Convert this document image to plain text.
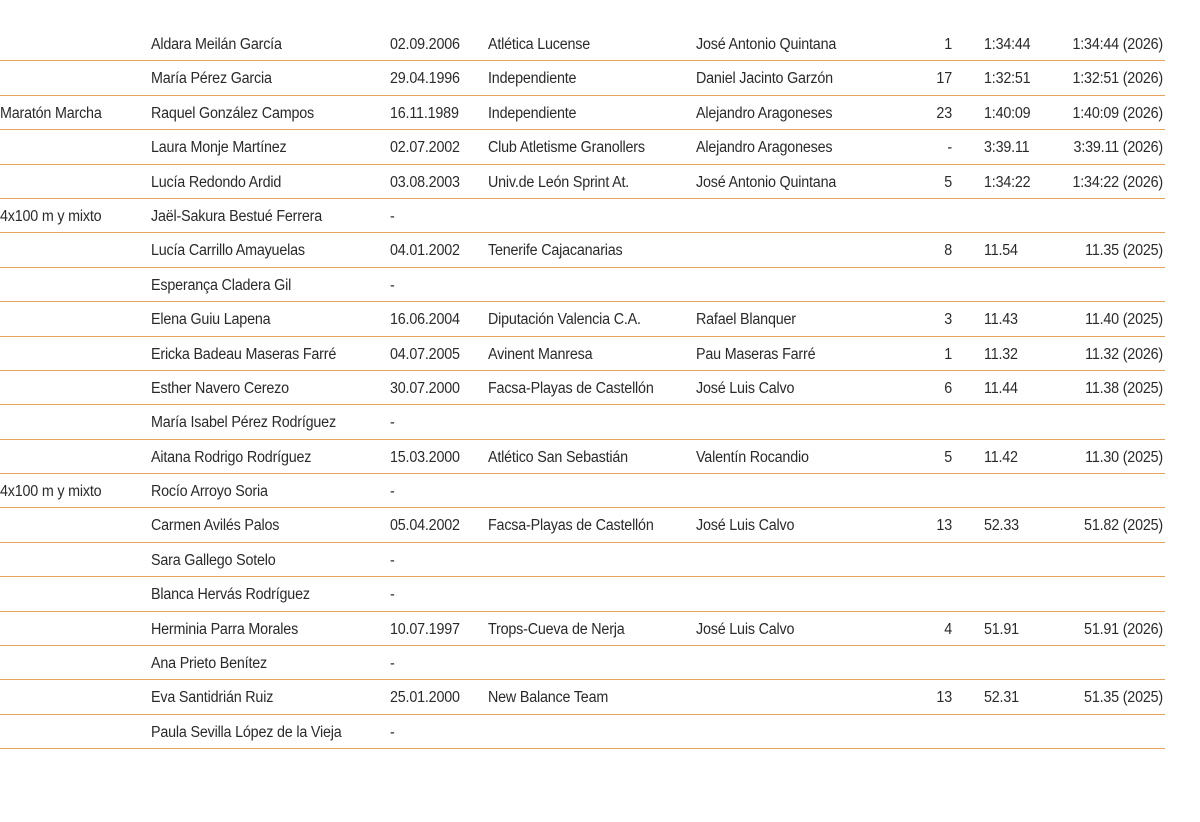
Aldara Meilán García	02.09.2006 Atlética Lucense	José Antonio Quintana	1 1:34:44	1:34:44 (2026)
María Pérez Garcia	29.04.1996 Independiente	Daniel Jacinto Garzón	17 1:32:51	1:32:51 (2026)
Maratón Marcha	Raquel González Campos	16.11.1989 Independiente	Alejandro Aragoneses	23 1:40:09	1:40:09 (2026)
Laura Monje Martínez	02.07.2002 Club Atletisme Granollers	Alejandro Aragoneses	- 3:39.11	3:39.11 (2026)
Lucía Redondo Ardid	03.08.2003 Univ.de León Sprint At.	José Antonio Quintana	5 1:34:22	1:34:22 (2026)
4x100 m y mixto	Jaël-Sakura Bestué Ferrera	-
Lucía Carrillo Amayuelas	04.01.2002 Tenerife Cajacanarias	8 11.54	11.35 (2025)
Esperança Cladera Gil	-
Elena Guiu Lapena	16.06.2004 Diputación Valencia C.A.	Rafael Blanquer	3 11.43	11.40 (2025)
Ericka Badeau Maseras Farré	04.07.2005 Avinent Manresa	Pau Maseras Farré	1 11.32	11.32 (2026)
Esther Navero Cerezo	30.07.2000 Facsa-Playas de Castellón	José Luis Calvo	6 11.44	11.38 (2025)
María Isabel Pérez Rodríguez	-
Aitana Rodrigo Rodríguez	15.03.2000 Atlético San Sebastián	Valentín Rocandio	5 11.42	11.30 (2025)
4x100 m y mixto	Rocío Arroyo Soria	-
Carmen Avilés Palos	05.04.2002 Facsa-Playas de Castellón	José Luis Calvo	13 52.33	51.82 (2025)
Sara Gallego Sotelo	-
Blanca Hervás Rodríguez	-
Herminia Parra Morales	10.07.1997 Trops-Cueva de Nerja	José Luis Calvo	4 51.91	51.91 (2026)
Ana Prieto Benítez	-
Eva Santidrián Ruiz	25.01.2000 New Balance Team	13 52.31	51.35 (2025)
Paula Sevilla López de la Vieja	-
